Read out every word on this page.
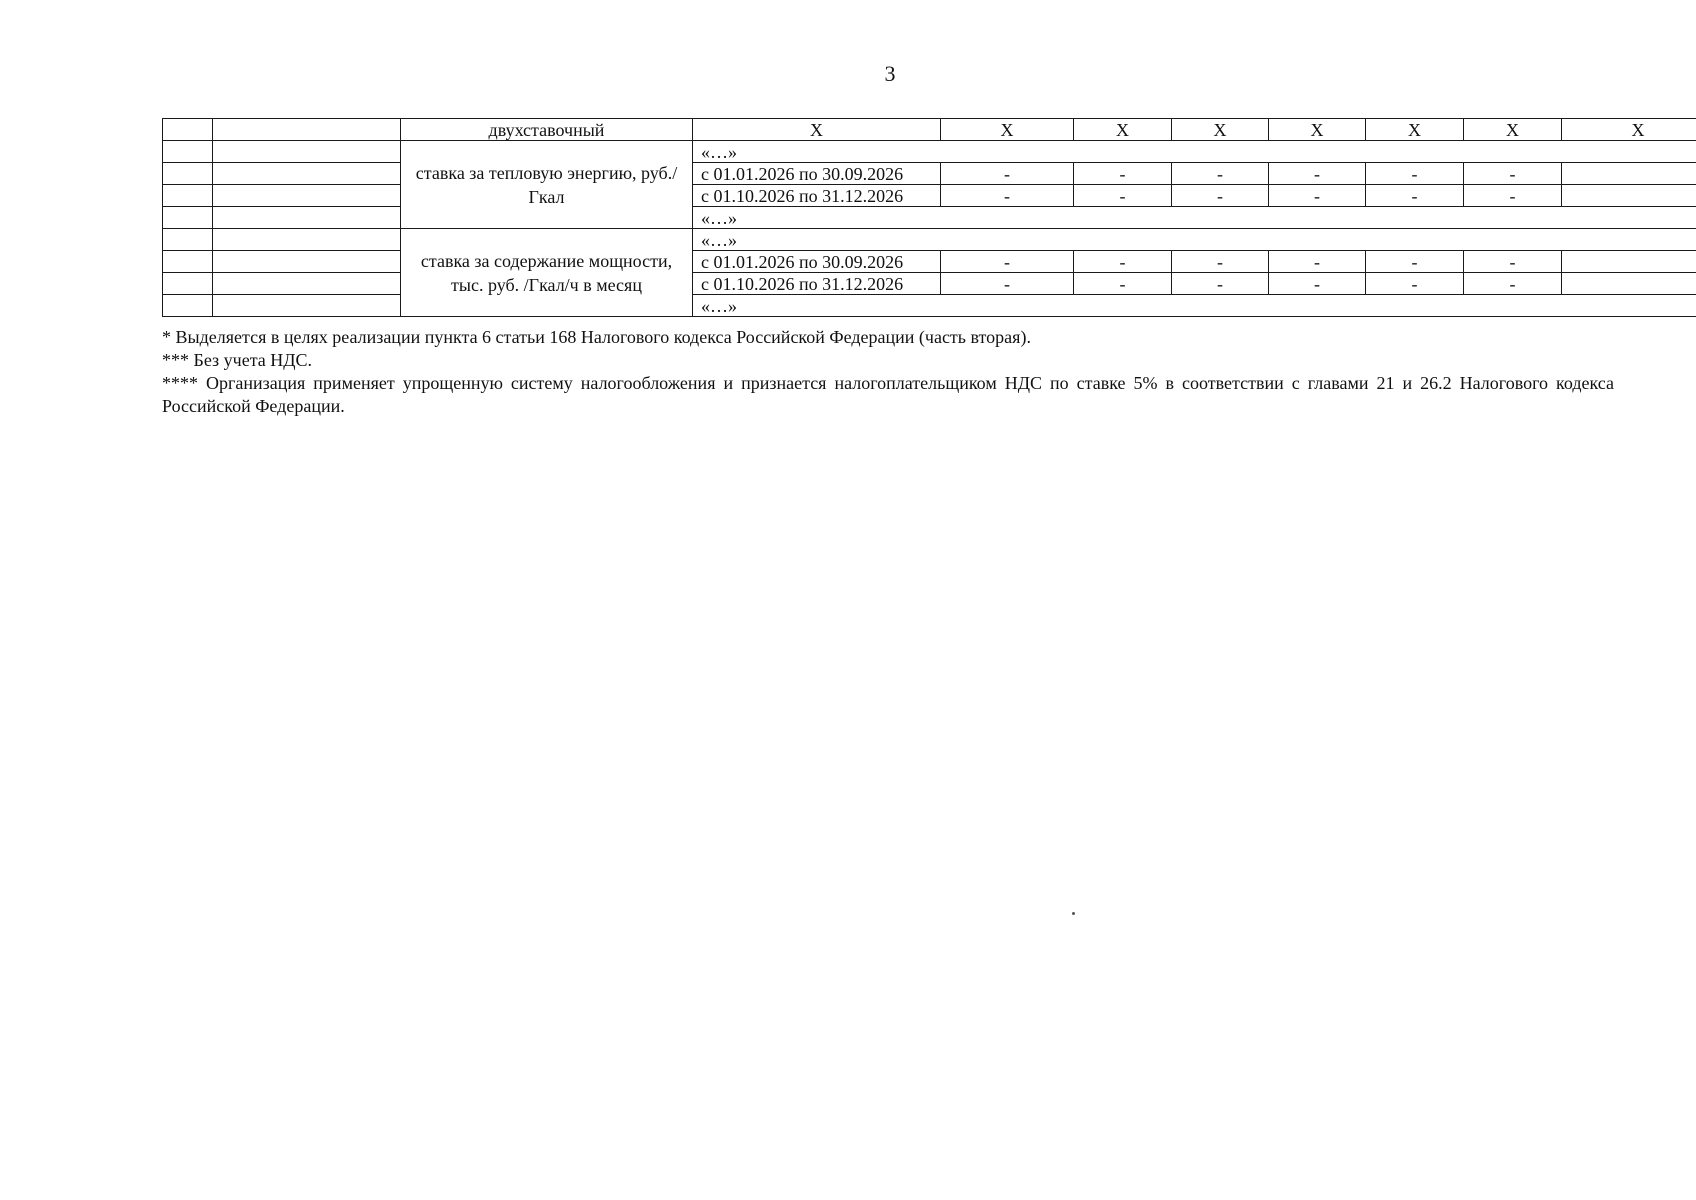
3
		двухставочный	X	X	X	X	X	X	X	X
		ставка за тепловую энергию, руб./Гкал	«…»							
			с 01.01.2026 по 30.09.2026	-	-	-	-	-	-	
			с 01.10.2026 по 31.12.2026	-	-	-	-	-	-	
			«…»							
		ставка за содержание мощности, тыс. руб. /Гкал/ч в месяц	«…»							
			с 01.01.2026 по 30.09.2026	-	-	-	-	-	-	
			с 01.10.2026 по 31.12.2026	-	-	-	-	-	-	
			«…»							

* Выделяется в целях реализации пункта 6 статьи 168 Налогового кодекса Российской Федерации (часть вторая).

*** Без учета НДС.

**** Организация применяет упрощенную систему налогообложения и признается налогоплательщиком НДС по ставке 5% в соответствии с главами 21 и 26.2 Налогового кодекса Российской Федерации.
